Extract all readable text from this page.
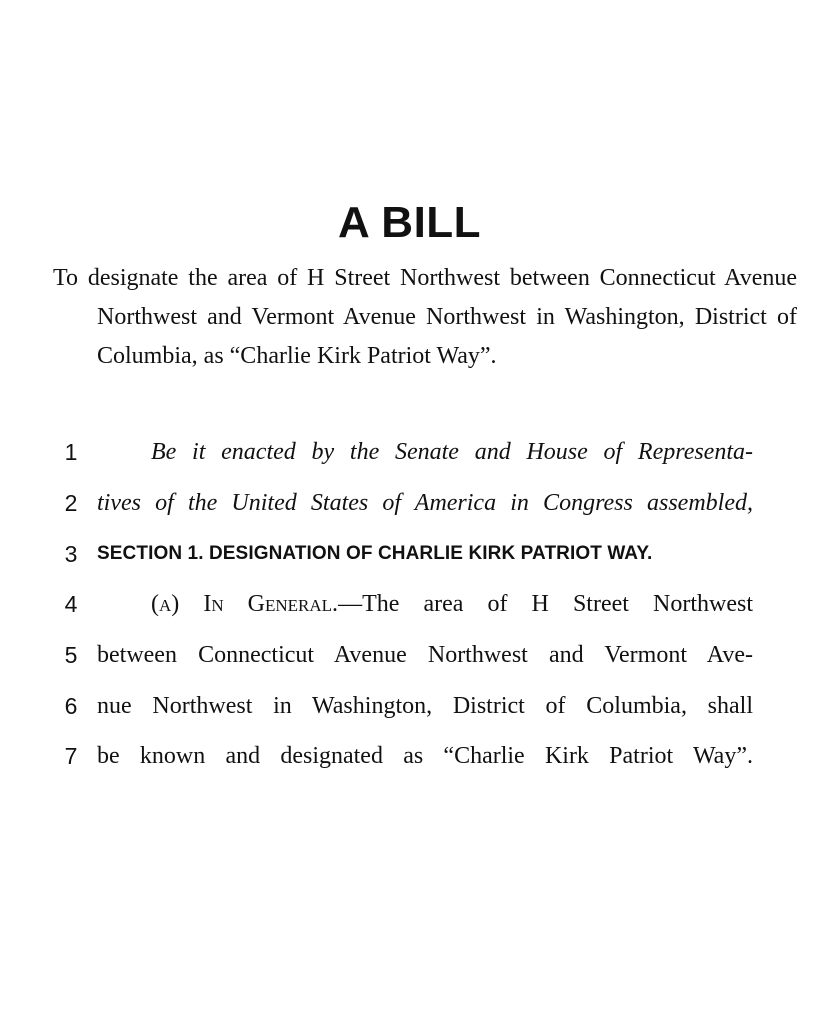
A BILL
To designate the area of H Street Northwest between Connecticut Avenue Northwest and Vermont Avenue Northwest in Washington, District of Columbia, as “Charlie Kirk Patriot Way”.
1	Be it enacted by the Senate and House of Representa-
2 tives of the United States of America in Congress assembled,
3	SECTION 1. DESIGNATION OF CHARLIE KIRK PATRIOT WAY.
4	(a) In General.—The area of H Street Northwest
5 between Connecticut Avenue Northwest and Vermont Ave-
6 nue Northwest in Washington, District of Columbia, shall
7 be known and designated as “Charlie Kirk Patriot Way”.
